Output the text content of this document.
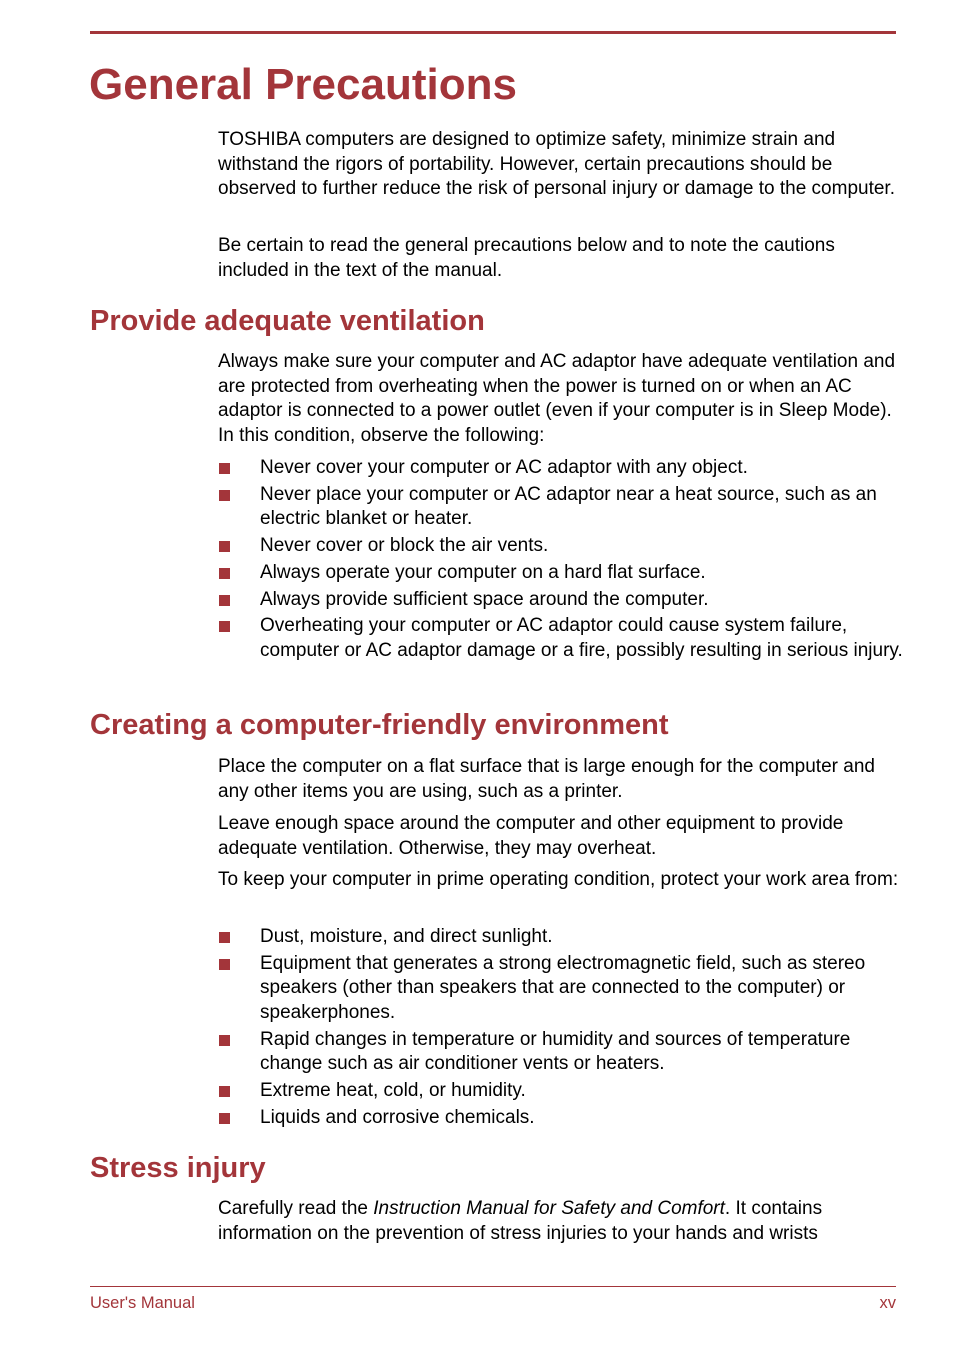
General Precautions

TOSHIBA computers are designed to optimize safety, minimize strain and withstand the rigors of portability. However, certain precautions should be observed to further reduce the risk of personal injury or damage to the computer.

Be certain to read the general precautions below and to note the cautions included in the text of the manual.

Provide adequate ventilation

Always make sure your computer and AC adaptor have adequate ventilation and are protected from overheating when the power is turned on or when an AC adaptor is connected to a power outlet (even if your computer is in Sleep Mode). In this condition, observe the following:

Never cover your computer or AC adaptor with any object.
Never place your computer or AC adaptor near a heat source, such as an electric blanket or heater.
Never cover or block the air vents.
Always operate your computer on a hard flat surface.
Always provide sufficient space around the computer.
Overheating your computer or AC adaptor could cause system failure, computer or AC adaptor damage or a fire, possibly resulting in serious injury.
Creating a computer-friendly environment

Place the computer on a flat surface that is large enough for the computer and any other items you are using, such as a printer.

Leave enough space around the computer and other equipment to provide adequate ventilation. Otherwise, they may overheat.

To keep your computer in prime operating condition, protect your work area from:

Dust, moisture, and direct sunlight.
Equipment that generates a strong electromagnetic field, such as stereo speakers (other than speakers that are connected to the computer) or speakerphones.
Rapid changes in temperature or humidity and sources of temperature change such as air conditioner vents or heaters.
Extreme heat, cold, or humidity.
Liquids and corrosive chemicals.
Stress injury

Carefully read the Instruction Manual for Safety and Comfort. It contains information on the prevention of stress injuries to your hands and wrists

User's Manual	xv
